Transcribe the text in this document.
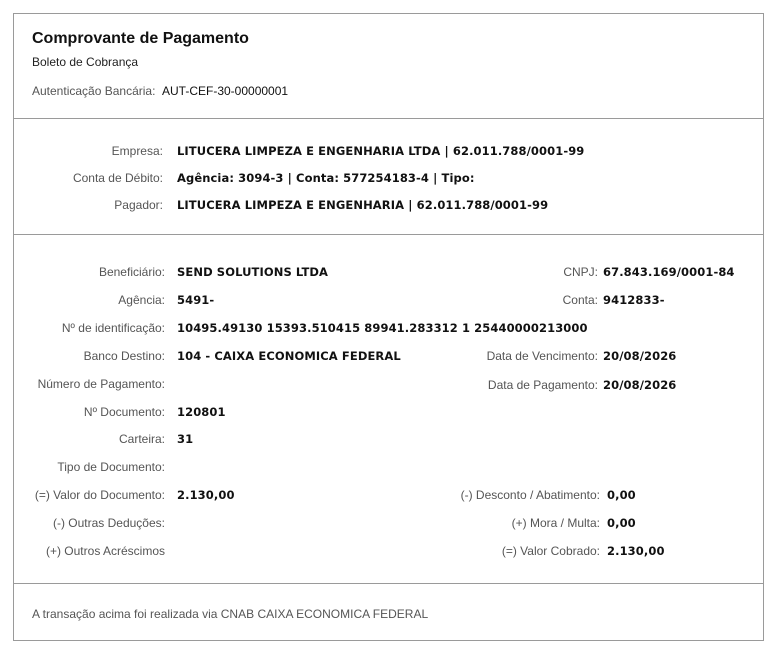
Comprovante de Pagamento
Boleto de Cobrança
Autenticação Bancária: AUT-CEF-30-00000001
Empresa: LITUCERA LIMPEZA E ENGENHARIA LTDA | 62.011.788/0001-99
Conta de Débito: Agência: 3094-3 | Conta: 577254183-4 | Tipo:
Pagador: LITUCERA LIMPEZA E ENGENHARIA | 62.011.788/0001-99
Beneficiário: SEND SOLUTIONS LTDA
Agência: 5491-
Nº de identificação: 10495.49130 15393.510415 89941.283312 1 25440000213000
Banco Destino: 104 - CAIXA ECONOMICA FEDERAL
Número de Pagamento:
Nº Documento: 120801
Carteira: 31
Tipo de Documento:
(=) Valor do Documento: 2.130,00
(-) Outras Deduções:
(+) Outros Acréscimos
CNPJ: 67.843.169/0001-84
Conta: 9412833-
Data de Vencimento: 20/08/2026
Data de Pagamento: 20/08/2026
(-) Desconto / Abatimento: 0,00
(+) Mora / Multa: 0,00
(=) Valor Cobrado: 2.130,00
A transação acima foi realizada via CNAB CAIXA ECONOMICA FEDERAL
